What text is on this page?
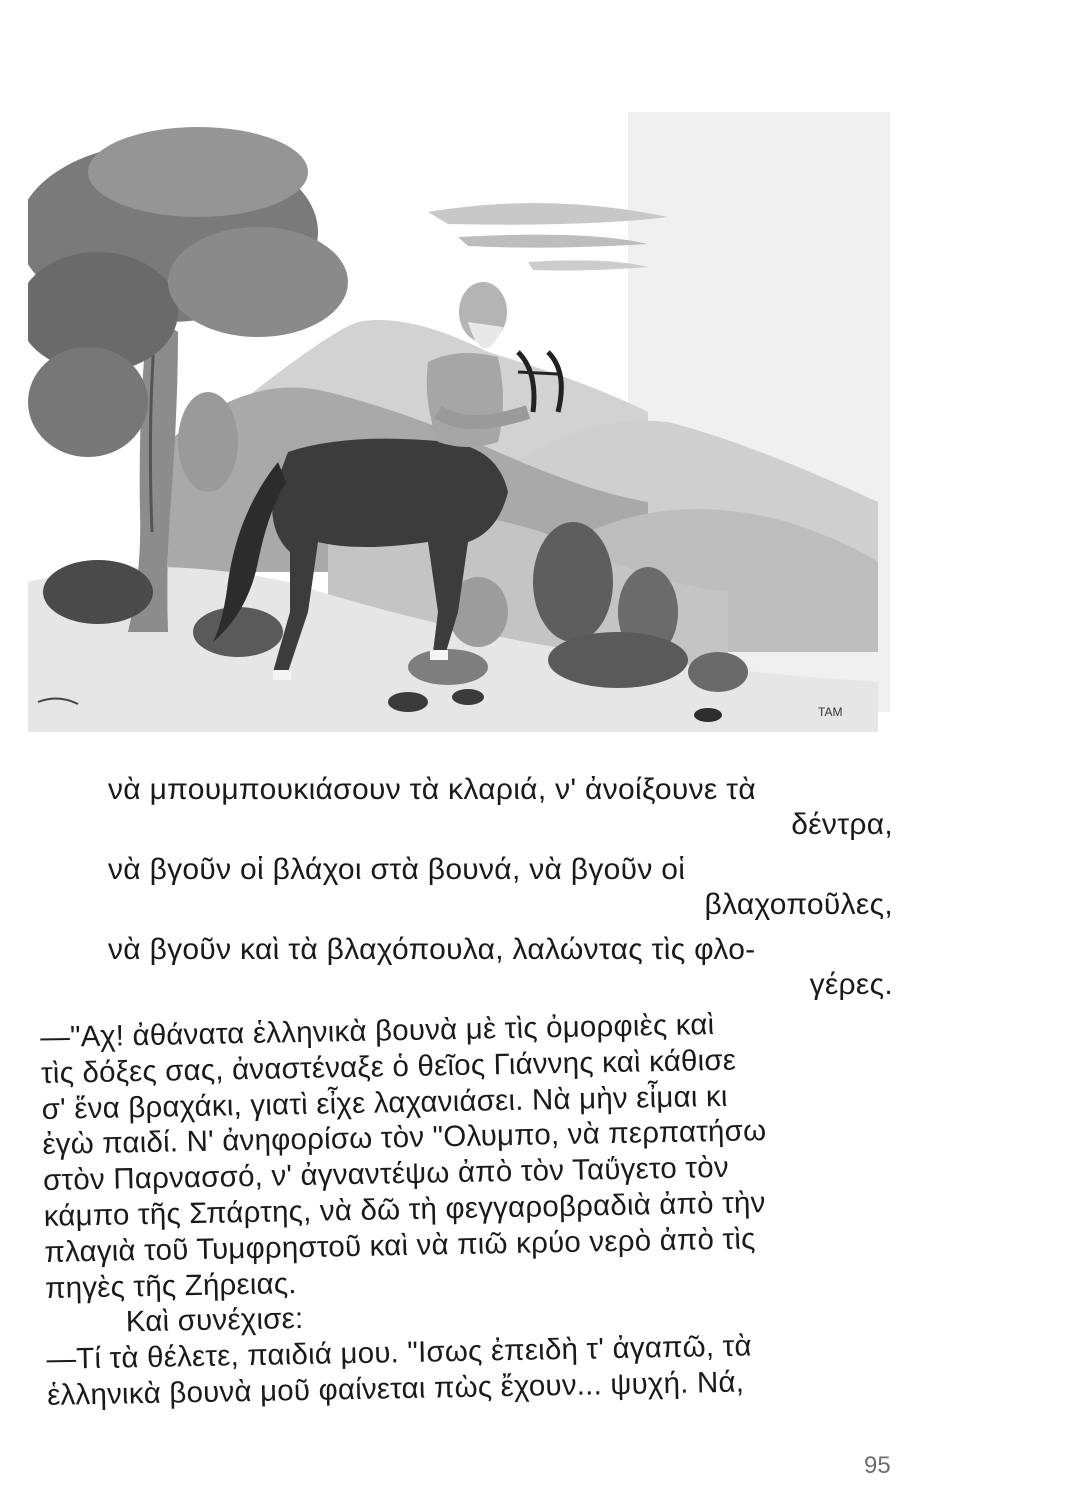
ΤΑΜ
νὰ μπουμπουκιάσουν τὰ κλαριά, ν' ἀνοίξουνε τὰ
δέντρα,
νὰ βγοῦν οἱ βλάχοι στὰ βουνά, νὰ βγοῦν οἱ
βλαχοποῦλες,
νὰ βγοῦν καὶ τὰ βλαχόπουλα, λαλώντας τὶς φλο-
γέρες.
—"Αχ! ἀθάνατα ἑλληνικὰ βουνὰ μὲ τὶς ὀμορφιὲς καὶ
τὶς δόξες σας, ἀναστέναξε ὁ θεῖος Γιάννης καὶ κάθισε
σ' ἕνα βραχάκι, γιατὶ εἶχε λαχανιάσει. Νὰ μὴν εἶμαι κι
ἐγὼ παιδί. Ν' ἀνηφορίσω τὸν "Ολυμπο, νὰ περπατήσω
στὸν Παρνασσό, ν' ἀγναντέψω ἀπὸ τὸν Ταΰγετο τὸν
κάμπο τῆς Σπάρτης, νὰ δῶ τὴ φεγγαροβραδιὰ ἀπὸ τὴν
πλαγιὰ τοῦ Τυμφρηστοῦ καὶ νὰ πιῶ κρύο νερὸ ἀπὸ τὶς
πηγὲς τῆς Ζήρειας.
Καὶ συνέχισε:
—Τί τὰ θέλετε, παιδιά μου. "Ισως ἐπειδὴ τ' ἀγαπῶ, τὰ
ἑλληνικὰ βουνὰ μοῦ φαίνεται πὼς ἔχουν... ψυχή. Νά,
95
